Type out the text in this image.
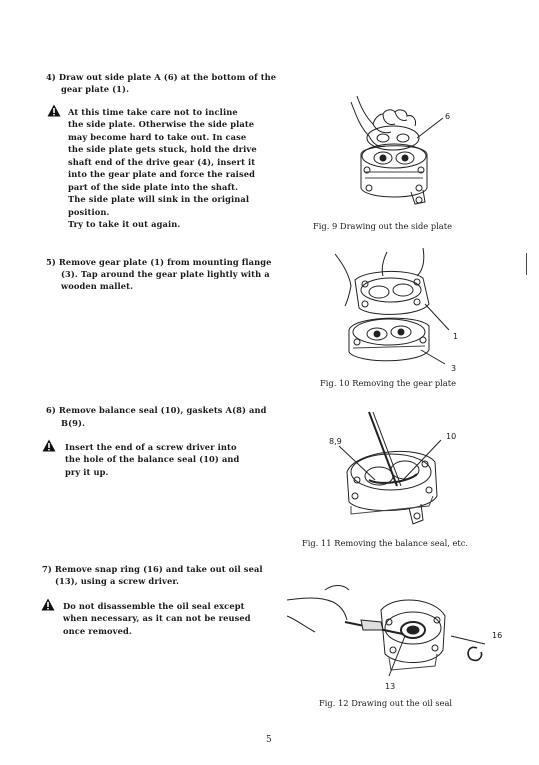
4) Draw out side plate A (6) at the bottom of the
gear plate (1).
At this time take care not to incline
the side plate. Otherwise the side plate
may become hard to take out. In case
the side plate gets stuck, hold the drive
shaft end of the drive gear (4), insert it
into the gear plate and force the raised
part of the side plate into the shaft.
The side plate will sink in the original
position.
Try to take it out again.
6
Fig. 9 Drawing out the side plate
5) Remove gear plate (1) from mounting flange
(3). Tap around the gear plate lightly with a
wooden mallet.
1
3
Fig. 10 Removing the gear plate
6) Remove balance seal (10), gaskets A(8) and
B(9).
Insert the end of a screw driver into
the hole of the balance seal (10) and
pry it up.
8,9
10
Fig. 11 Removing the balance seal, etc.
7) Remove snap ring (16) and take out oil seal
(13), using a screw driver.
Do not disassemble the oil seal except
when necessary, as it can not be reused
once removed.	16
13
Fig. 12 Drawing out the oil seal
5
